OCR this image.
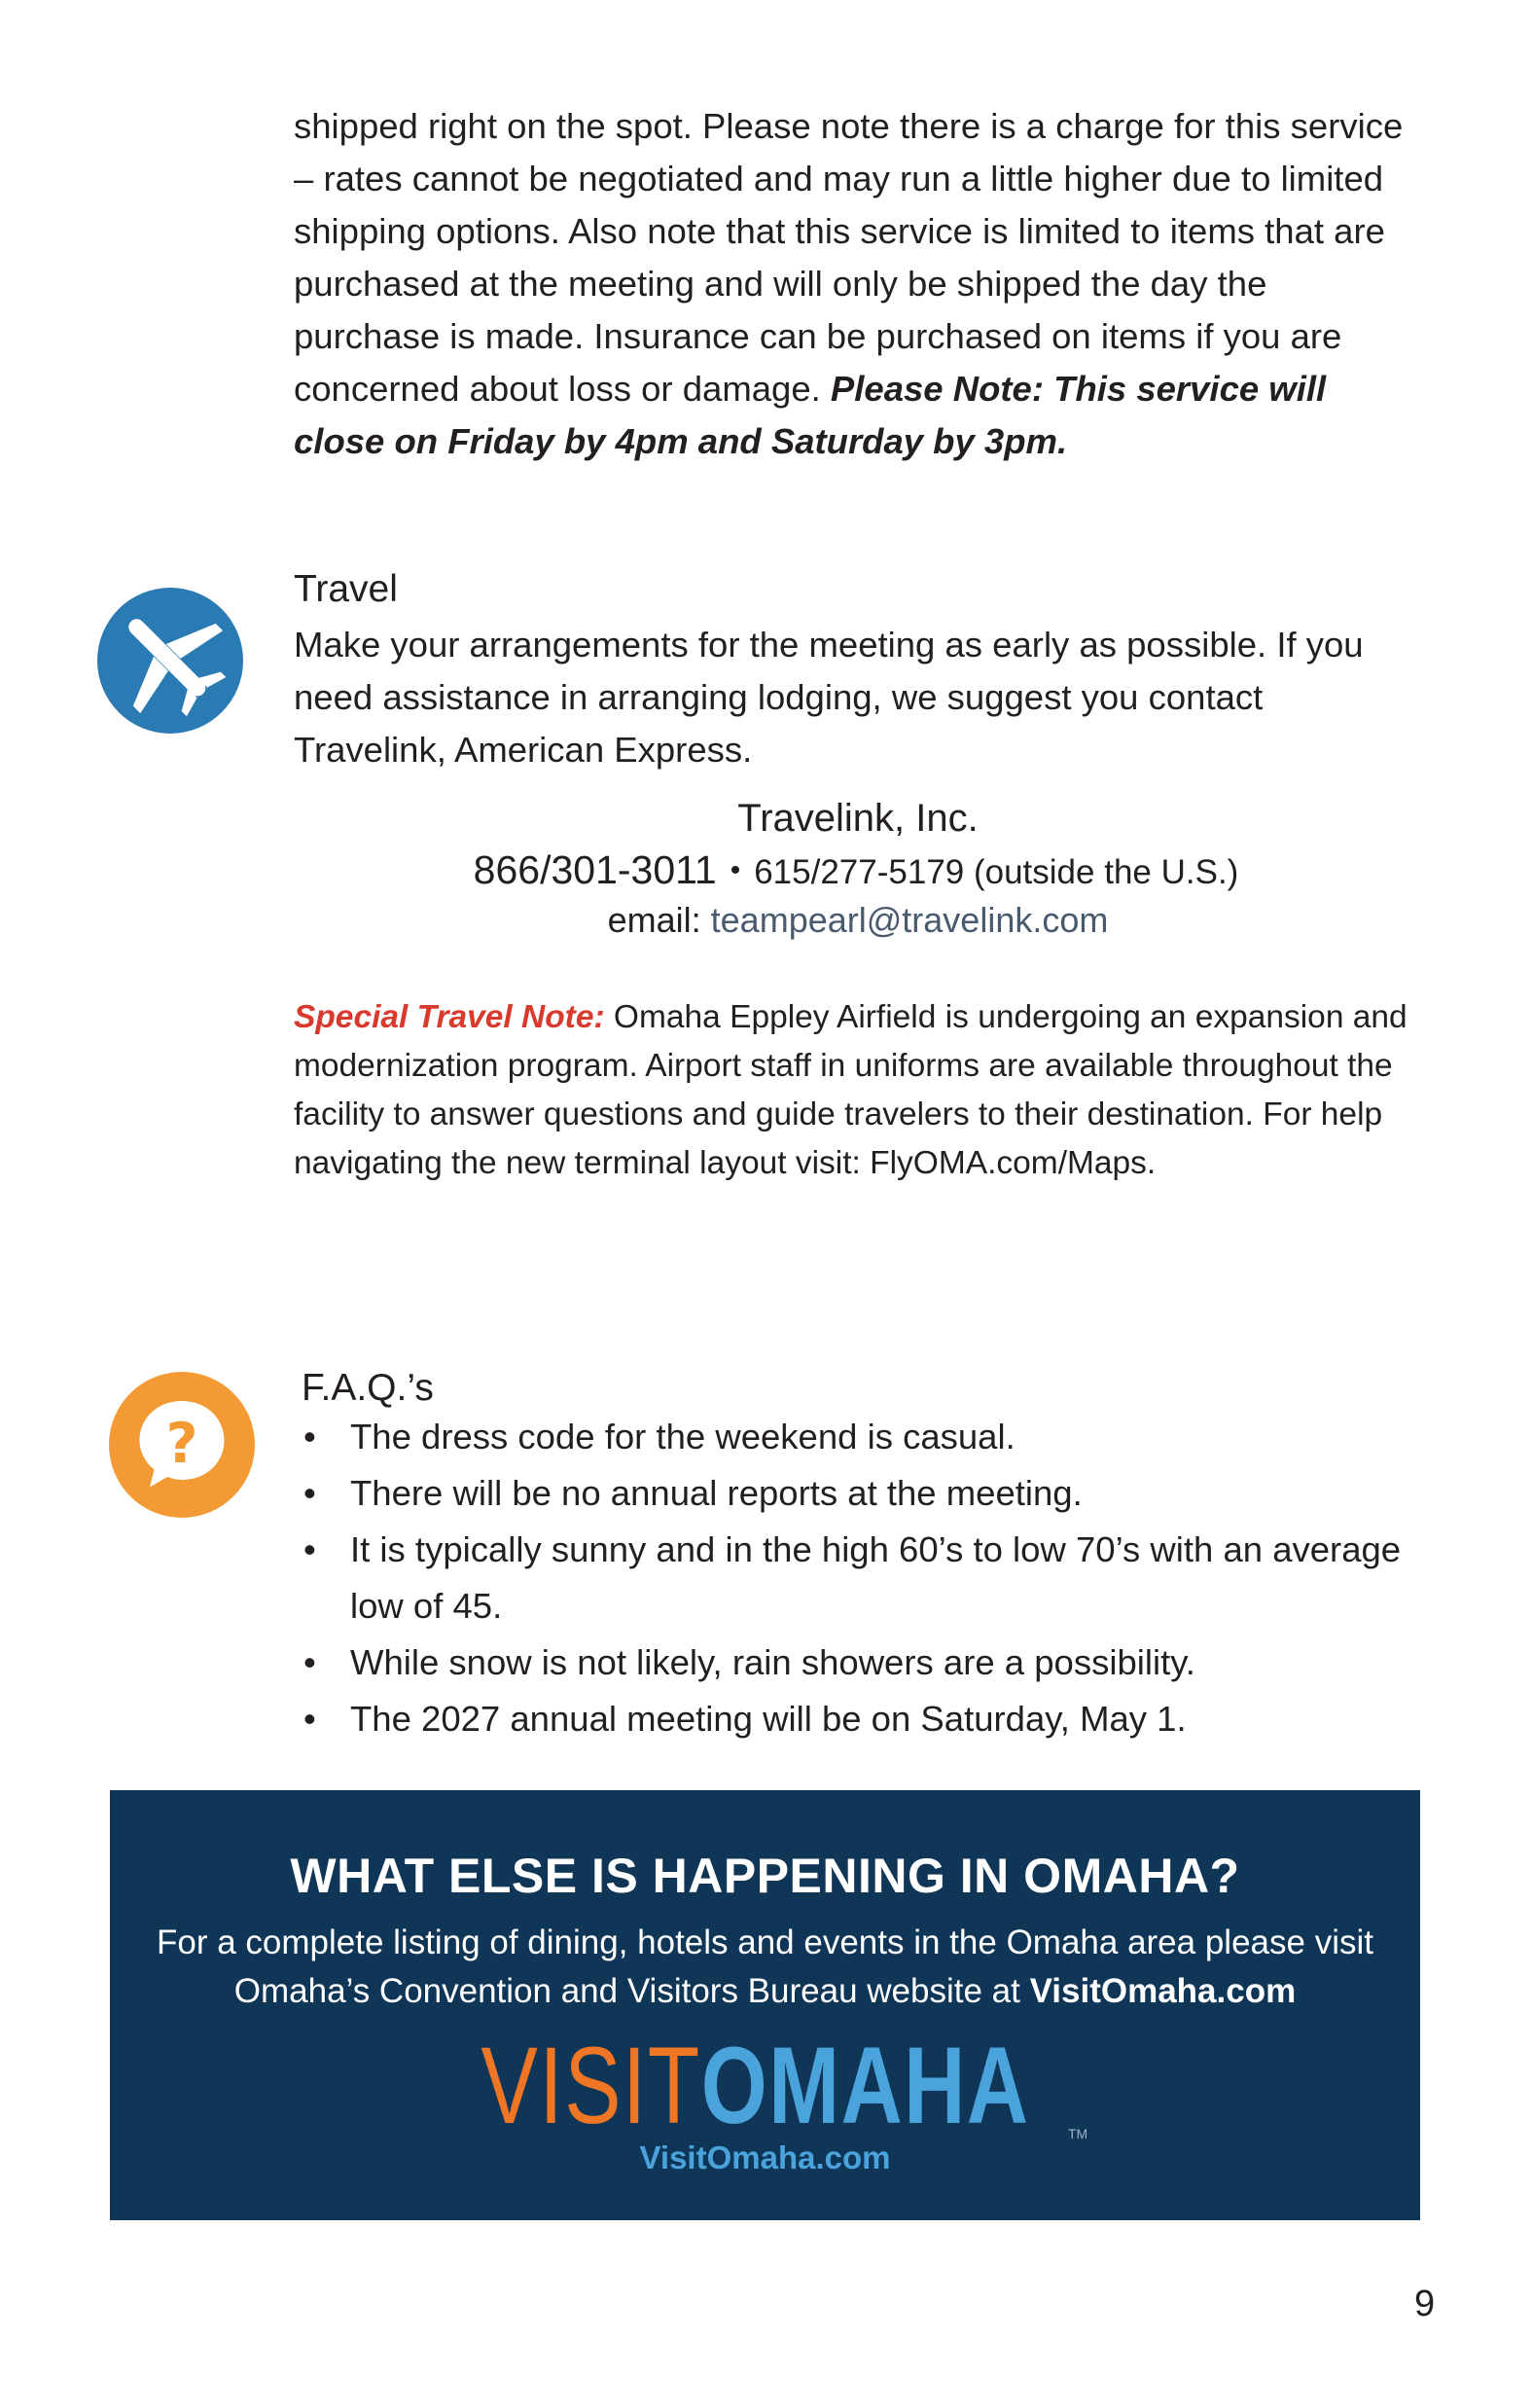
shipped right on the spot. Please note there is a charge for this service – rates cannot be negotiated and may run a little higher due to limited shipping options. Also note that this service is limited to items that are purchased at the meeting and will only be shipped the day the purchase is made. Insurance can be purchased on items if you are concerned about loss or damage. Please Note: This service will close on Friday by 4pm and Saturday by 3pm.

Travel

Make your arrangements for the meeting as early as possible. If you need assistance in arranging lodging, we suggest you contact Travelink, American Express.

Travelink, Inc.
866/301-3011 • 615/277-5179 (outside the U.S.)
email: teampearl@travelink.com

Special Travel Note: Omaha Eppley Airfield is undergoing an expansion and modernization program. Airport staff in uniforms are available throughout the facility to answer questions and guide travelers to their destination. For help navigating the new terminal layout visit: FlyOMA.com/Maps.

?
F.A.Q.’s
• The dress code for the weekend is casual.
• There will be no annual reports at the meeting.
• It is typically sunny and in the high 60’s to low 70’s with an average low of 45.
• While snow is not likely, rain showers are a possibility.
• The 2027 annual meeting will be on Saturday, May 1.
WHAT ELSE IS HAPPENING IN OMAHA?
For a complete listing of dining, hotels and events in the Omaha area please visit Omaha’s Convention and Visitors Bureau website at VisitOmaha.com
VISITOMAHA	TM
VisitOmaha.com
9
